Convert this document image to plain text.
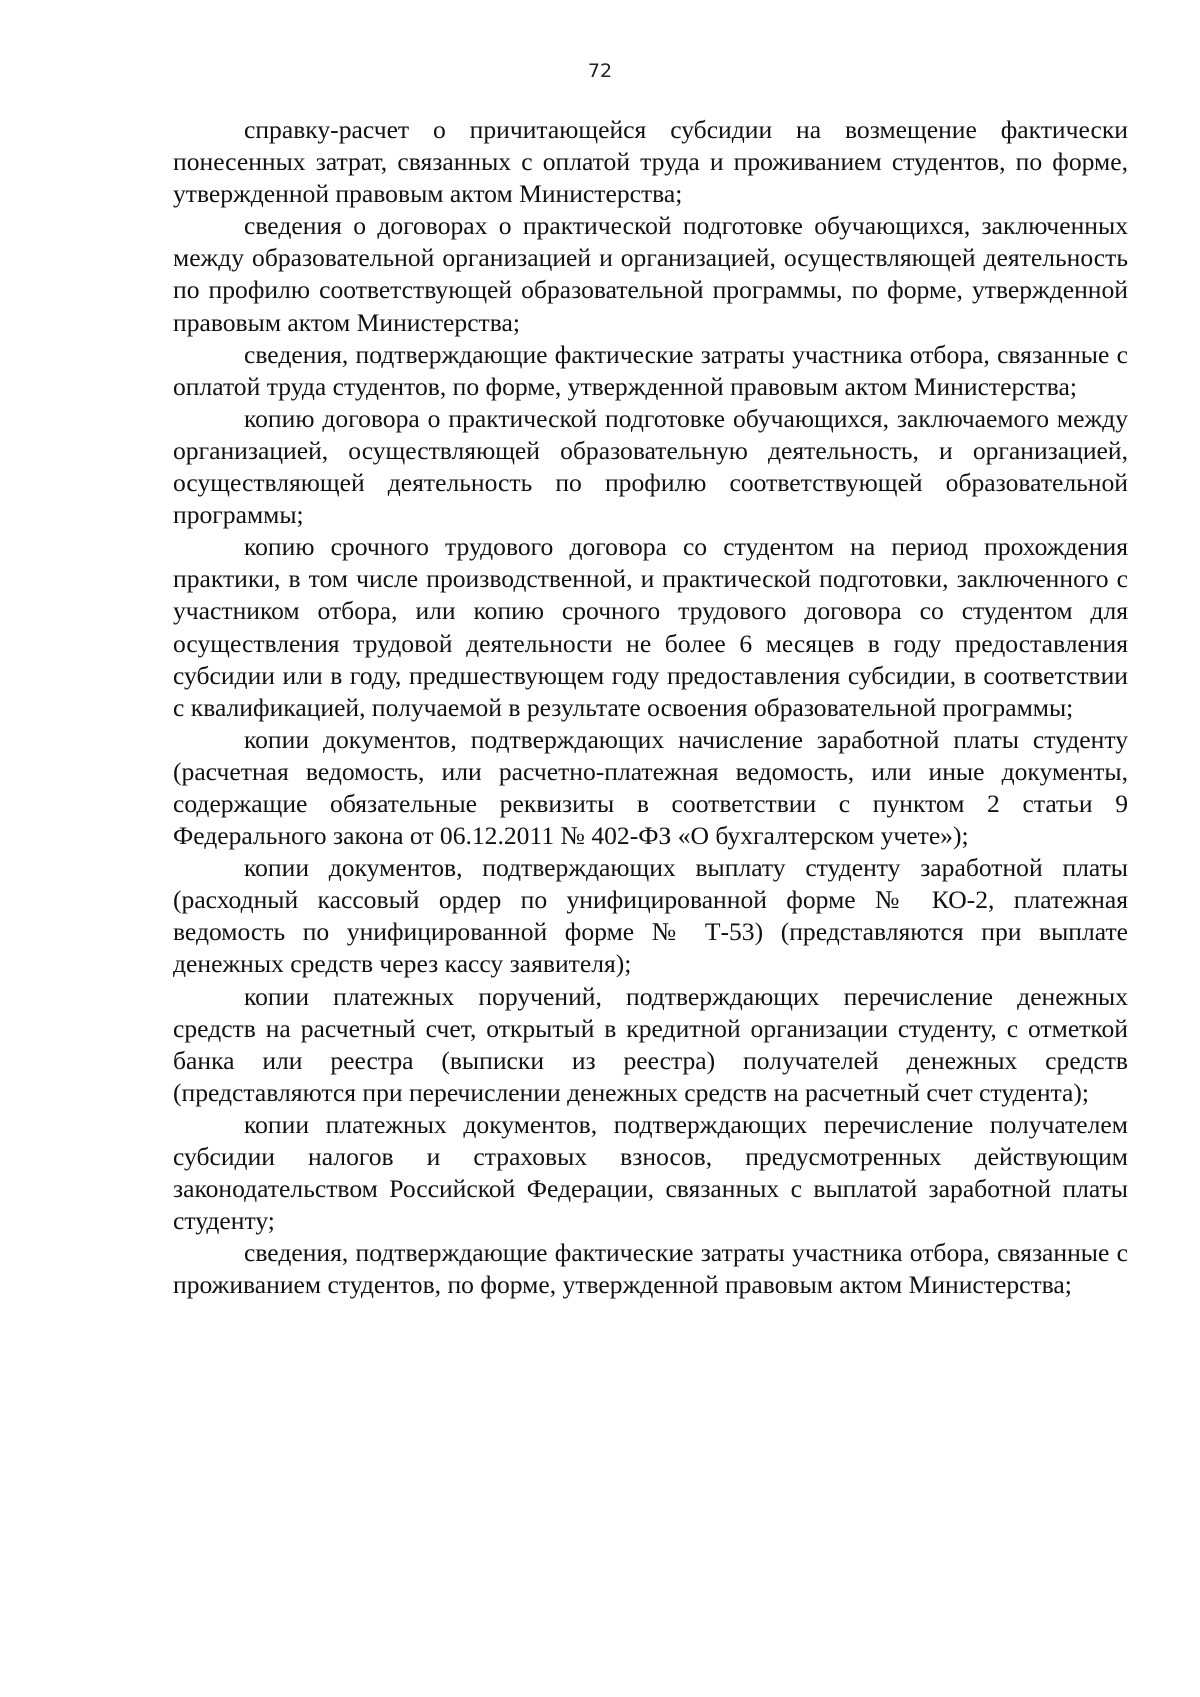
72

справку-расчет о причитающейся субсидии на возмещение фактически понесенных затрат, связанных с оплатой труда и проживанием студентов, по форме, утвержденной правовым актом Министерства;

сведения о договорах о практической подготовке обучающихся, заключенных между образовательной организацией и организацией, осуществляющей деятельность по профилю соответствующей образовательной программы, по форме, утвержденной правовым актом Министерства;

сведения, подтверждающие фактические затраты участника отбора, связанные с оплатой труда студентов, по форме, утвержденной правовым актом Министерства;

копию договора о практической подготовке обучающихся, заключаемого между организацией, осуществляющей образовательную деятельность, и организацией, осуществляющей деятельность по профилю соответствующей образовательной программы;

копию срочного трудового договора со студентом на период прохождения практики, в том числе производственной, и практической подготовки, заключенного с участником отбора, или копию срочного трудового договора со студентом для осуществления трудовой деятельности не более 6 месяцев в году предоставления субсидии или в году, предшествующем году предоставления субсидии, в соответствии с квалификацией, получаемой в результате освоения образовательной программы;

копии документов, подтверждающих начисление заработной платы студенту (расчетная ведомость, или расчетно-платежная ведомость, или иные документы, содержащие обязательные реквизиты в соответствии с пунктом 2 статьи 9 Федерального закона от 06.12.2011 № 402-ФЗ «О бухгалтерском учете»);

копии документов, подтверждающих выплату студенту заработной платы (расходный кассовый ордер по унифицированной форме № КО-2, платежная ведомость по унифицированной форме № Т-53) (представляются при выплате денежных средств через кассу заявителя);

копии платежных поручений, подтверждающих перечисление денежных средств на расчетный счет, открытый в кредитной организации студенту, с отметкой банка или реестра (выписки из реестра) получателей денежных средств (представляются при перечислении денежных средств на расчетный счет студента);

копии платежных документов, подтверждающих перечисление получателем субсидии налогов и страховых взносов, предусмотренных действующим законодательством Российской Федерации, связанных с выплатой заработной платы студенту;

сведения, подтверждающие фактические затраты участника отбора, связанные с проживанием студентов, по форме, утвержденной правовым актом Министерства;
